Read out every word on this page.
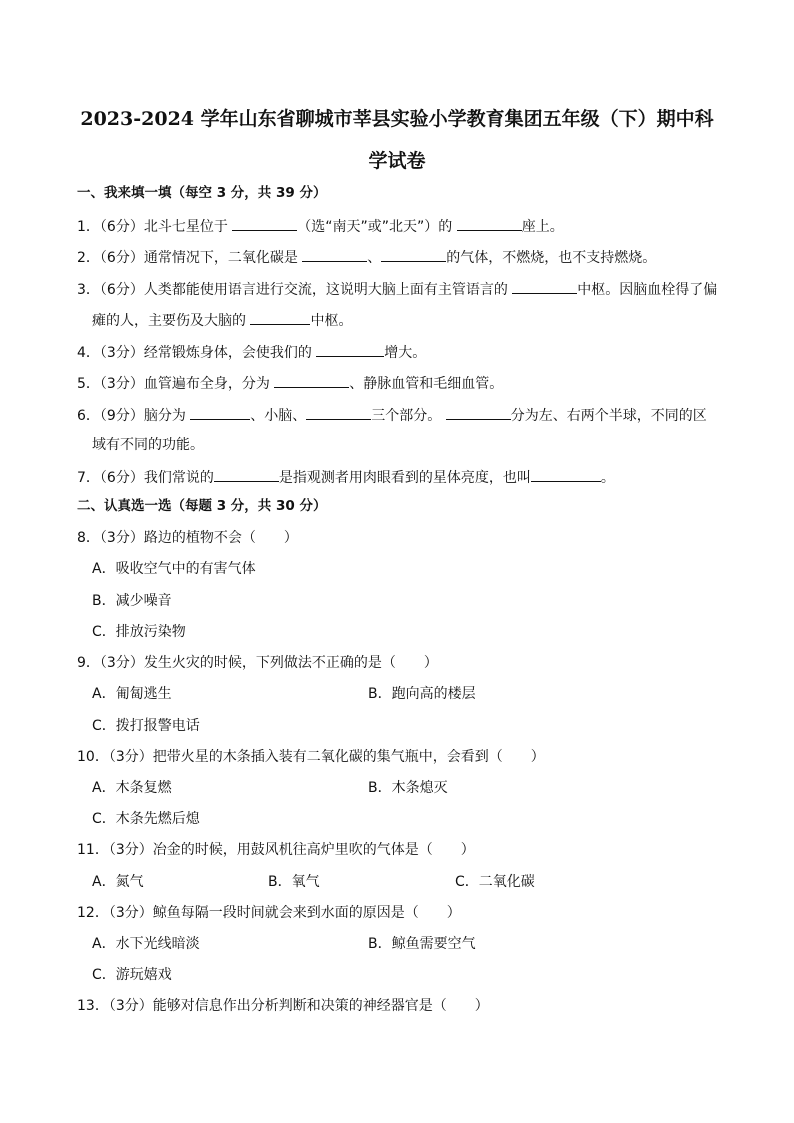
2023-2024 学年山东省聊城市莘县实验小学教育集团五年级（下）期中科
学试卷
一、我来填一填（每空 3 分，共 39 分）
1．（6分）北斗七星位于	（选“南天”或”北天”）的	座上。
2．（6分）通常情况下，二氧化碳是	、	的气体，不燃烧，也不支持燃烧。
3．（6分）人类都能使用语言进行交流，这说明大脑上面有主管语言的	中枢。因脑血栓得了偏
瘫的人，主要伤及大脑的	中枢。
4．（3分）经常锻炼身体，会使我们的	增大。
5．（3分）血管遍布全身，分为	、静脉血管和毛细血管。
6．（9分）脑分为	、小脑、	三个部分。	分为左、右两个半球，不同的区
域有不同的功能。
7．（6分）我们常说的	是指观测者用肉眼看到的星体亮度，也叫	。
二、认真选一选（每题 3 分，共 30 分）
8．（3分）路边的植物不会（　　）
A．吸收空气中的有害气体
B．减少噪音
C．排放污染物
9．（3分）发生火灾的时候，下列做法不正确的是（　　）
A．匍匐逃生	B．跑向高的楼层
C．拨打报警电话
10．（3分）把带火星的木条插入装有二氧化碳的集气瓶中，会看到（　　）
A．木条复燃	B．木条熄灭
C．木条先燃后熄
11．（3分）冶金的时候，用鼓风机往高炉里吹的气体是（　　）
A．氮气	B．氧气	C．二氧化碳
12．（3分）鲸鱼每隔一段时间就会来到水面的原因是（　　）
A．水下光线暗淡	B．鲸鱼需要空气
C．游玩嬉戏
13．（3分）能够对信息作出分析判断和决策的神经器官是（　　）
